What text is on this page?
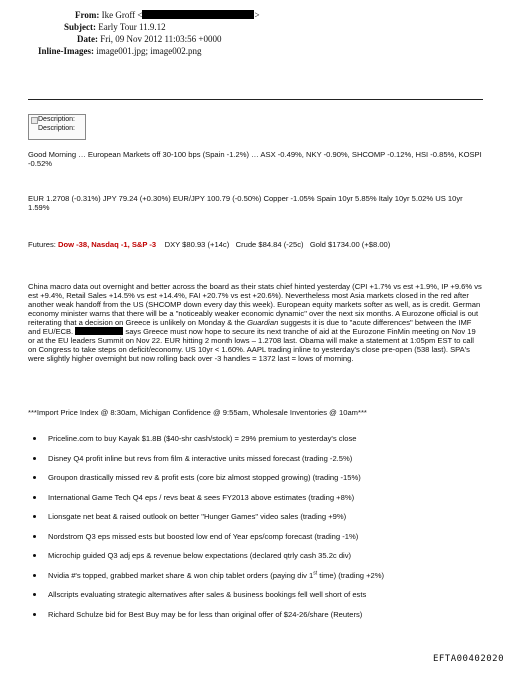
From: Ike Groff <	>
Subject: Early Tour 11.9.12
Date: Fri, 09 Nov 2012 11:03:56 +0000
Inline-Images: image001.jpg; image002.png
Description:
Description:

Good Morning … European Markets off 30-100 bps (Spain -1.2%) … ASX -0.49%, NKY -0.90%, SHCOMP -0.12%, HSI -0.85%, KOSPI -0.52%

EUR 1.2708 (-0.31%) JPY 79.24 (+0.30%) EUR/JPY 100.79 (-0.50%) Copper -1.05% Spain 10yr 5.85% Italy 10yr 5.02% US 10yr 1.59%

Futures: Dow -38, Nasdaq -1, S&P -3    DXY $80.93 (+14c)   Crude $84.84 (-25c)   Gold $1734.00 (+$8.00)

China macro data out overnight and better across the board as their stats chief hinted yesterday (CPI +1.7% vs est +1.9%, IP +9.6% vs est +9.4%, Retail Sales +14.5% vs est +14.4%, FAI +20.7% vs est +20.6%). Nevertheless most Asia markets closed in the red after another weak handoff from the US (SHCOMP down every day this week). European equity markets softer as well, as is credit. German economy minister warns that there will be a "noticeably weaker economic dynamic" over the next six months. A Eurozone official is out reiterating that a decision on Greece is unlikely on Monday & the Guardian suggests it is due to "acute differences" between the IMF and EU/ECB.	says Greece must now hope to secure its next tranche of aid at the Eurozone FinMin meeting on Nov 19 or at the EU leaders Summit on Nov 22. EUR hitting 2 month lows – 1.2708 last. Obama will make a statement at 1:05pm EST to call on Congress to take steps on deficit/economy. US 10yr < 1.60%. AAPL trading inline to yesterday's close pre-open (538 last). SPA's were slightly higher overnight but now rolling back over -3 handles = 1372 last = lows of morning.

***Import Price Index @ 8:30am, Michigan Confidence @ 9:55am, Wholesale Inventories @ 10am***

Priceline.com to buy Kayak $1.8B ($40-shr cash/stock) = 29% premium to yesterday's close
Disney Q4 profit inline but revs from film & interactive units missed forecast (trading -2.5%)
Groupon drastically missed rev & profit ests (core biz almost stopped growing) (trading -15%)
International Game Tech Q4 eps / revs beat & sees FY2013 above estimates (trading +8%)
Lionsgate net beat & raised outlook on better "Hunger Games" video sales (trading +9%)
Nordstrom Q3 eps missed ests but boosted low end of Year eps/comp forecast (trading -1%)
Microchip guided Q3 adj eps & revenue below expectations (declared qtrly cash 35.2c div)
Nvidia #'s topped, grabbed market share & won chip tablet orders (paying div 1st time) (trading +2%)
Allscripts evaluating strategic alternatives after sales & business bookings fell well short of ests
Richard Schulze bid for Best Buy may be for less than original offer of $24-26/share (Reuters)
EFTA00402020
